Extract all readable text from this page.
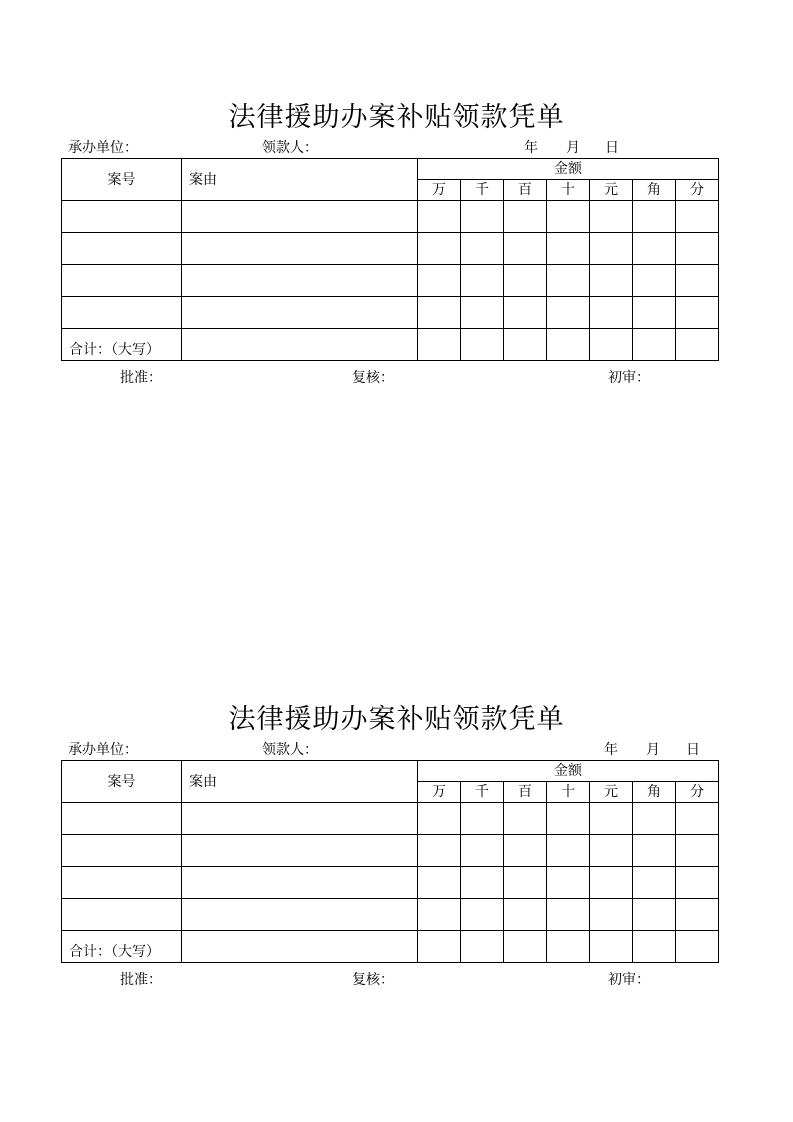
法律援助办案补贴领款凭单
承办单位：	领款人：	年 月 日
案号	案由	金额						
		万	千	百	十	元	角	分

合计：（大写）								
批准：	复核：	初审：
法律援助办案补贴领款凭单
承办单位：	领款人：	年 月 日
案号	案由	金额						
		万	千	百	十	元	角	分

合计：（大写）								
批准：	复核：	初审：
